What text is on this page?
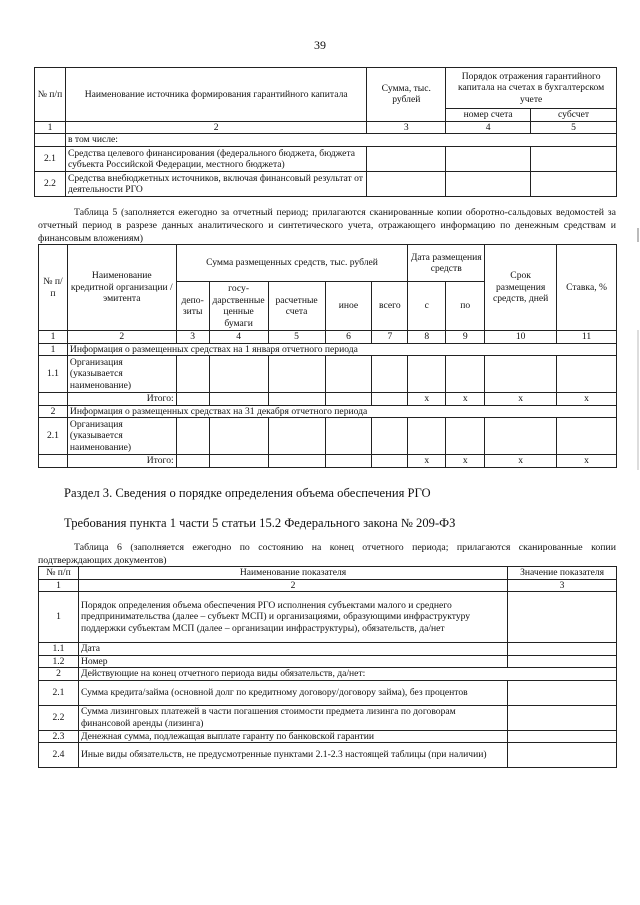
39
№ п/п	Наименование источника формирования гарантийного капитала	Сумма, тыс. рублей	Порядок отражения гарантийного капитала на счетах в бухгалтерском учете	
			номер счета	субсчет
1	2	3	4	5
	в том числе:			
2.1	Средства целевого финансирования (федерального бюджета, бюджета субъекта Российской Федерации, местного бюджета)			
2.2	Средства внебюджетных источников, включая финансовый результат от деятельности РГО			
Таблица 5 (заполняется ежегодно за отчетный период; прилагаются сканированные копии оборотно-сальдовых ведомостей за отчетный период в разрезе данных аналитического и синтетического учета, отражающего информацию по денежным средствам и финансовым вложениям)
№ п/п	Наименование кредитной организации / эмитента	Сумма размещенных средств, тыс. рублей					Дата размещения средств		Срок размещения средств, дней	Ставка, %
		депо-зиты	госу-дарственные ценные бумаги	расчетные счета	иное	всего	с	по		
1	2	3	4	5	6	7	8	9	10	11
1	Информация о размещенных средствах на 1 января отчетного периода									
1.1	Организация (указывается наименование)									
	Итого:						x	x	x	x
2	Информация о размещенных средствах на 31 декабря отчетного периода									
2.1	Организация (указывается наименование)									
	Итого:						x	x	x	x
Раздел 3. Сведения о порядке определения объема обеспечения РГО
Требования пункта 1 части 5 статьи 15.2 Федерального закона № 209-ФЗ
Таблица 6 (заполняется ежегодно по состоянию на конец отчетного периода; прилагаются сканированные копии подтверждающих документов)
№ п/п	Наименование показателя	Значение показателя
1	2	3
1	Порядок определения объема обеспечения РГО исполнения субъектами малого и среднего предпринимательства (далее – субъект МСП) и организациями, образующими инфраструктуру поддержки субъектам МСП (далее – организации инфраструктуры), обязательств, да/нет	
1.1	Дата	
1.2	Номер	
2	Действующие на конец отчетного периода виды обязательств, да/нет:	
2.1	Сумма кредита/займа (основной долг по кредитному договору/договору займа), без процентов	
2.2	Сумма лизинговых платежей в части погашения стоимости предмета лизинга по договорам финансовой аренды (лизинга)	
2.3	Денежная сумма, подлежащая выплате гаранту по банковской гарантии	
2.4	Иные виды обязательств, не предусмотренные пунктами 2.1-2.3 настоящей таблицы (при наличии)	
